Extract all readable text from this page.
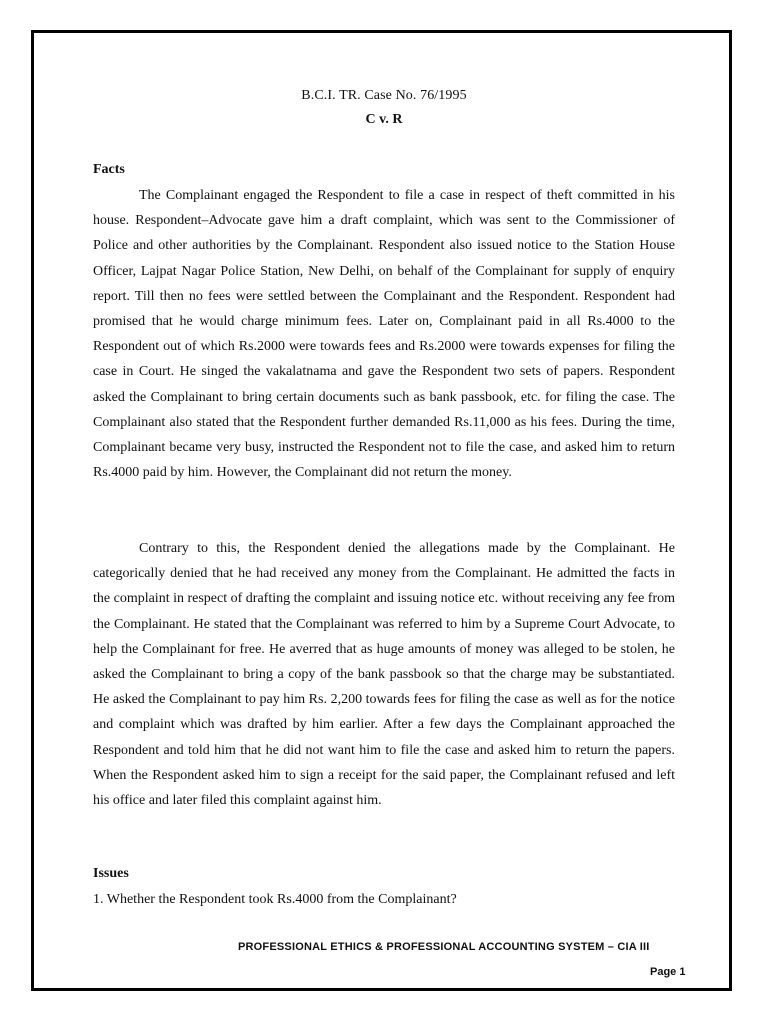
B.C.I. TR. Case No. 76/1995
C v. R
Facts

The Complainant engaged the Respondent to file a case in respect of theft committed in his house. Respondent–Advocate gave him a draft complaint, which was sent to the Commissioner of Police and other authorities by the Complainant. Respondent also issued notice to the Station House Officer, Lajpat Nagar Police Station, New Delhi, on behalf of the Complainant for supply of enquiry report. Till then no fees were settled between the Complainant and the Respondent. Respondent had promised that he would charge minimum fees. Later on, Complainant paid in all Rs.4000 to the Respondent out of which Rs.2000 were towards fees and Rs.2000 were towards expenses for filing the case in Court. He singed the vakalatnama and gave the Respondent two sets of papers. Respondent asked the Complainant to bring certain documents such as bank passbook, etc. for filing the case. The Complainant also stated that the Respondent further demanded Rs.11,000 as his fees. During the time, Complainant became very busy, instructed the Respondent not to file the case, and asked him to return Rs.4000 paid by him. However, the Complainant did not return the money.

Contrary to this, the Respondent denied the allegations made by the Complainant. He categorically denied that he had received any money from the Complainant. He admitted the facts in the complaint in respect of drafting the complaint and issuing notice etc. without receiving any fee from the Complainant. He stated that the Complainant was referred to him by a Supreme Court Advocate, to help the Complainant for free. He averred that as huge amounts of money was alleged to be stolen, he asked the Complainant to bring a copy of the bank passbook so that the charge may be substantiated. He asked the Complainant to pay him Rs. 2,200 towards fees for filing the case as well as for the notice and complaint which was drafted by him earlier. After a few days the Complainant approached the Respondent and told him that he did not want him to file the case and asked him to return the papers. When the Respondent asked him to sign a receipt for the said paper, the Complainant refused and left his office and later filed this complaint against him.

Issues
1. Whether the Respondent took Rs.4000 from the Complainant?
PROFESSIONAL ETHICS & PROFESSIONAL ACCOUNTING SYSTEM – CIA III
Page 1
